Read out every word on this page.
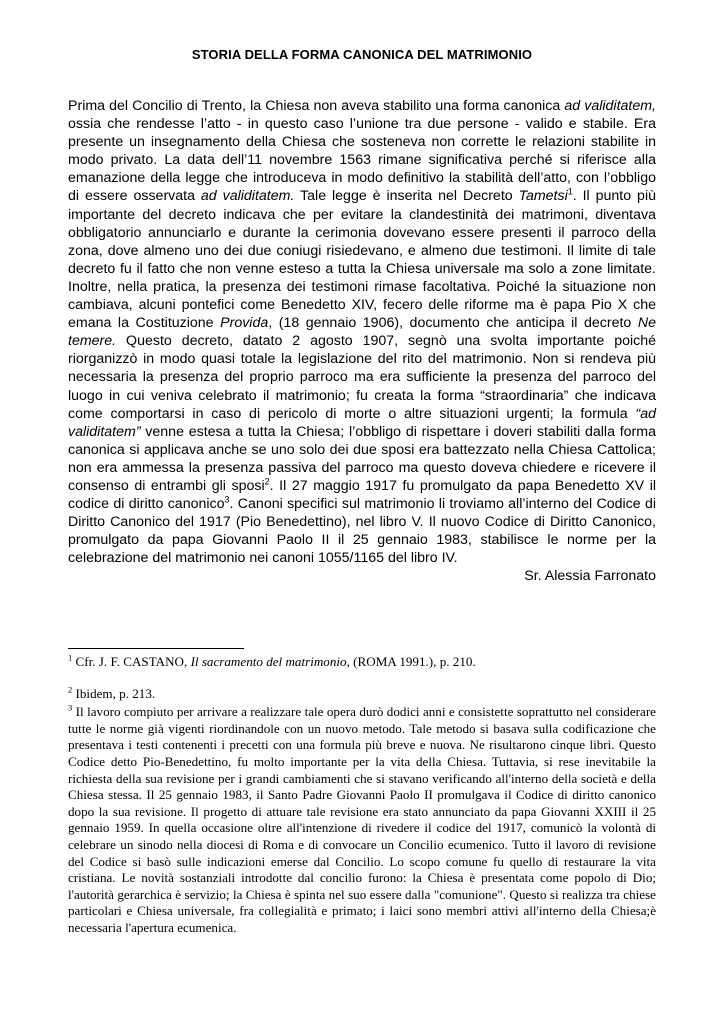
STORIA DELLA FORMA CANONICA DEL MATRIMONIO

Prima del Concilio di Trento, la Chiesa non aveva stabilito una forma canonica ad validitatem, ossia che rendesse l’atto - in questo caso l’unione tra due persone - valido e stabile. Era presente un insegnamento della Chiesa che sosteneva non corrette le relazioni stabilite in modo privato. La data dell’11 novembre 1563 rimane significativa perché si riferisce alla emanazione della legge che introduceva in modo definitivo la stabilità dell’atto, con l’obbligo di essere osservata ad validitatem. Tale legge è inserita nel Decreto Tametsi$^1$. Il punto più importante del decreto indicava che per evitare la clandestinità dei matrimoni, diventava obbligatorio annunciarlo e durante la cerimonia dovevano essere presenti il parroco della zona, dove almeno uno dei due coniugi risiedevano, e almeno due testimoni. Il limite di tale decreto fu il fatto che non venne esteso a tutta la Chiesa universale ma solo a zone limitate. Inoltre, nella pratica, la presenza dei testimoni rimase facoltativa. Poiché la situazione non cambiava, alcuni pontefici come Benedetto XIV, fecero delle riforme ma è papa Pio X che emana la Costituzione Provida, (18 gennaio 1906), documento che anticipa il decreto Ne temere. Questo decreto, datato 2 agosto 1907, segnò una svolta importante poiché riorganizzò in modo quasi totale la legislazione del rito del matrimonio. Non si rendeva più necessaria la presenza del proprio parroco ma era sufficiente la presenza del parroco del luogo in cui veniva celebrato il matrimonio; fu creata la forma “straordinaria” che indicava come comportarsi in caso di pericolo di morte o altre situazioni urgenti; la formula “ad validitatem” venne estesa a tutta la Chiesa; l’obbligo di rispettare i doveri stabiliti dalla forma canonica si applicava anche se uno solo dei due sposi era battezzato nella Chiesa Cattolica; non era ammessa la presenza passiva del parroco ma questo doveva chiedere e ricevere il consenso di entrambi gli sposi$^2$. Il 27 maggio 1917 fu promulgato da papa Benedetto XV il codice di diritto canonico$^3$. Canoni specifici sul matrimonio li troviamo all’interno del Codice di Diritto Canonico del 1917 (Pio Benedettino), nel libro V. Il nuovo Codice di Diritto Canonico, promulgato da papa Giovanni Paolo II il 25 gennaio 1983, stabilisce le norme per la celebrazione del matrimonio nei canoni 1055/1165 del libro IV.

Sr. Alessia Farronato

$^1$ Cfr. J. F. CASTANO, Il sacramento del matrimonio, (ROMA 1991.), p. 210.

$^2$ Ibidem, p. 213.

$^3$ Il lavoro compiuto per arrivare a realizzare tale opera durò dodici anni e consistette soprattutto nel considerare tutte le norme già vigenti riordinandole con un nuovo metodo. Tale metodo si basava sulla codificazione che presentava i testi contenenti i precetti con una formula più breve e nuova. Ne risultarono cinque libri. Questo Codice detto Pio-Benedettino, fu molto importante per la vita della Chiesa. Tuttavia, si rese inevitabile la richiesta della sua revisione per i grandi cambiamenti che si stavano verificando all'interno della società e della Chiesa stessa. Il 25 gennaio 1983, il Santo Padre Giovanni Paolo II promulgava il Codice di diritto canonico dopo la sua revisione. Il progetto di attuare tale revisione era stato annunciato da papa Giovanni XXIII il 25 gennaio 1959. In quella occasione oltre all'intenzione di rivedere il codice del 1917, comunicò la volontà di celebrare un sinodo nella diocesi di Roma e di convocare un Concilio ecumenico. Tutto il lavoro di revisione del Codice si basò sulle indicazioni emerse dal Concilio. Lo scopo comune fu quello di restaurare la vita cristiana. Le novità sostanziali introdotte dal concilio furono: la Chiesa è presentata come popolo di Dio; l'autorità gerarchica è servizio; la Chiesa è spinta nel suo essere dalla "comunione". Questo si realizza tra chiese particolari e Chiesa universale, fra collegialità e primato; i laici sono membri attivi all'interno della Chiesa;è necessaria l'apertura ecumenica.
